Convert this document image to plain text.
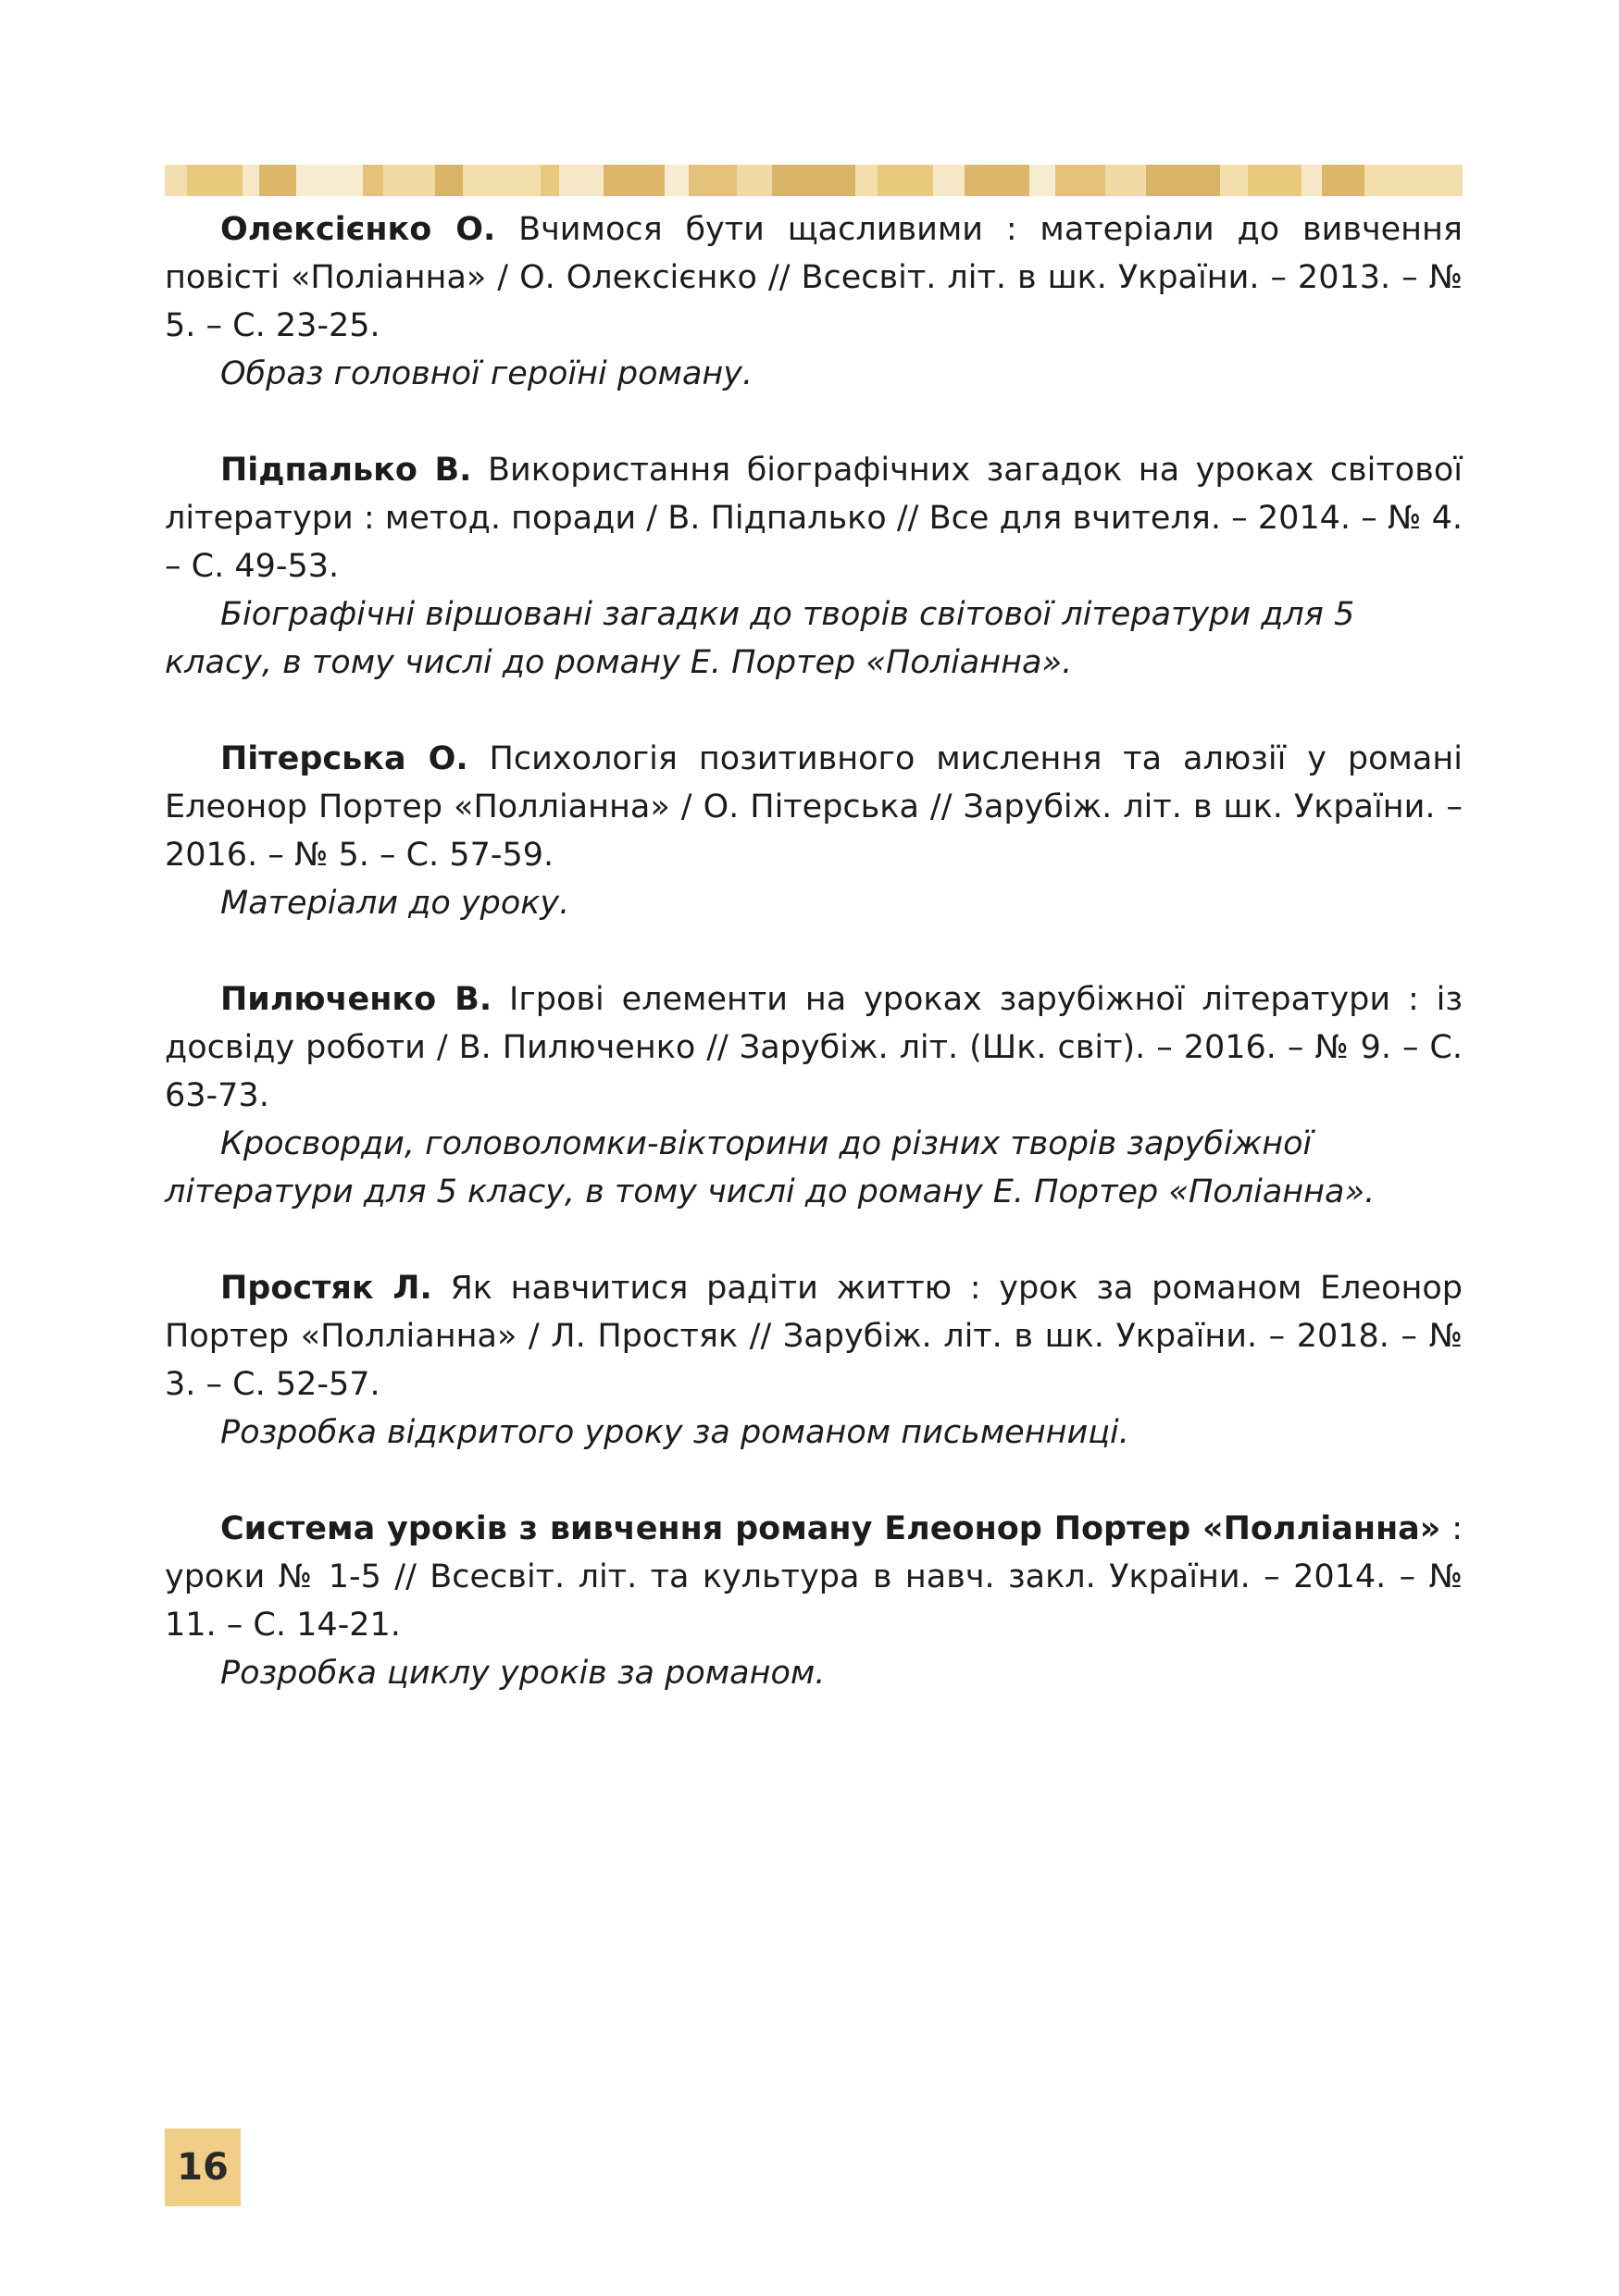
Олексієнко О. Вчимося бути щасливими : матеріали до вивчення повісті «Поліанна» / О. Олексієнко // Всесвіт. літ. в шк. України. – 2013. – № 5. – С. 23-25.

Образ головної героїні роману.

Підпалько В. Використання біографічних загадок на уроках світової літератури : метод. поради / В. Підпалько // Все для вчителя. – 2014. – № 4. – С. 49-53.

Біографічні віршовані загадки до творів світової літератури для 5 класу, в тому числі до роману Е. Портер «Поліанна».

Пітерська О. Психологія позитивного мислення та алюзії у романі Елеонор Портер «Полліанна» / О. Пітерська // Зарубіж. літ. в шк. України. – 2016. – № 5. – С. 57-59.

Матеріали до уроку.

Пилюченко В. Ігрові елементи на уроках зарубіжної літератури : із досвіду роботи / В. Пилюченко // Зарубіж. літ. (Шк. світ). – 2016. – № 9. – С. 63-73.

Кросворди, головоломки-вікторини до різних творів зарубіжної літератури для 5 класу, в тому числі до роману Е. Портер «Поліанна».

Простяк Л. Як навчитися радіти життю : урок за романом Елеонор Портер «Полліанна» / Л. Простяк // Зарубіж. літ. в шк. України. – 2018. – № 3. – С. 52-57.

Розробка відкритого уроку за романом письменниці.

Система уроків з вивчення роману Елеонор Портер «Полліанна» : уроки № 1-5 // Всесвіт. літ. та культура в навч. закл. України. – 2014. – № 11. – С. 14-21.

Розробка циклу уроків за романом.

16
